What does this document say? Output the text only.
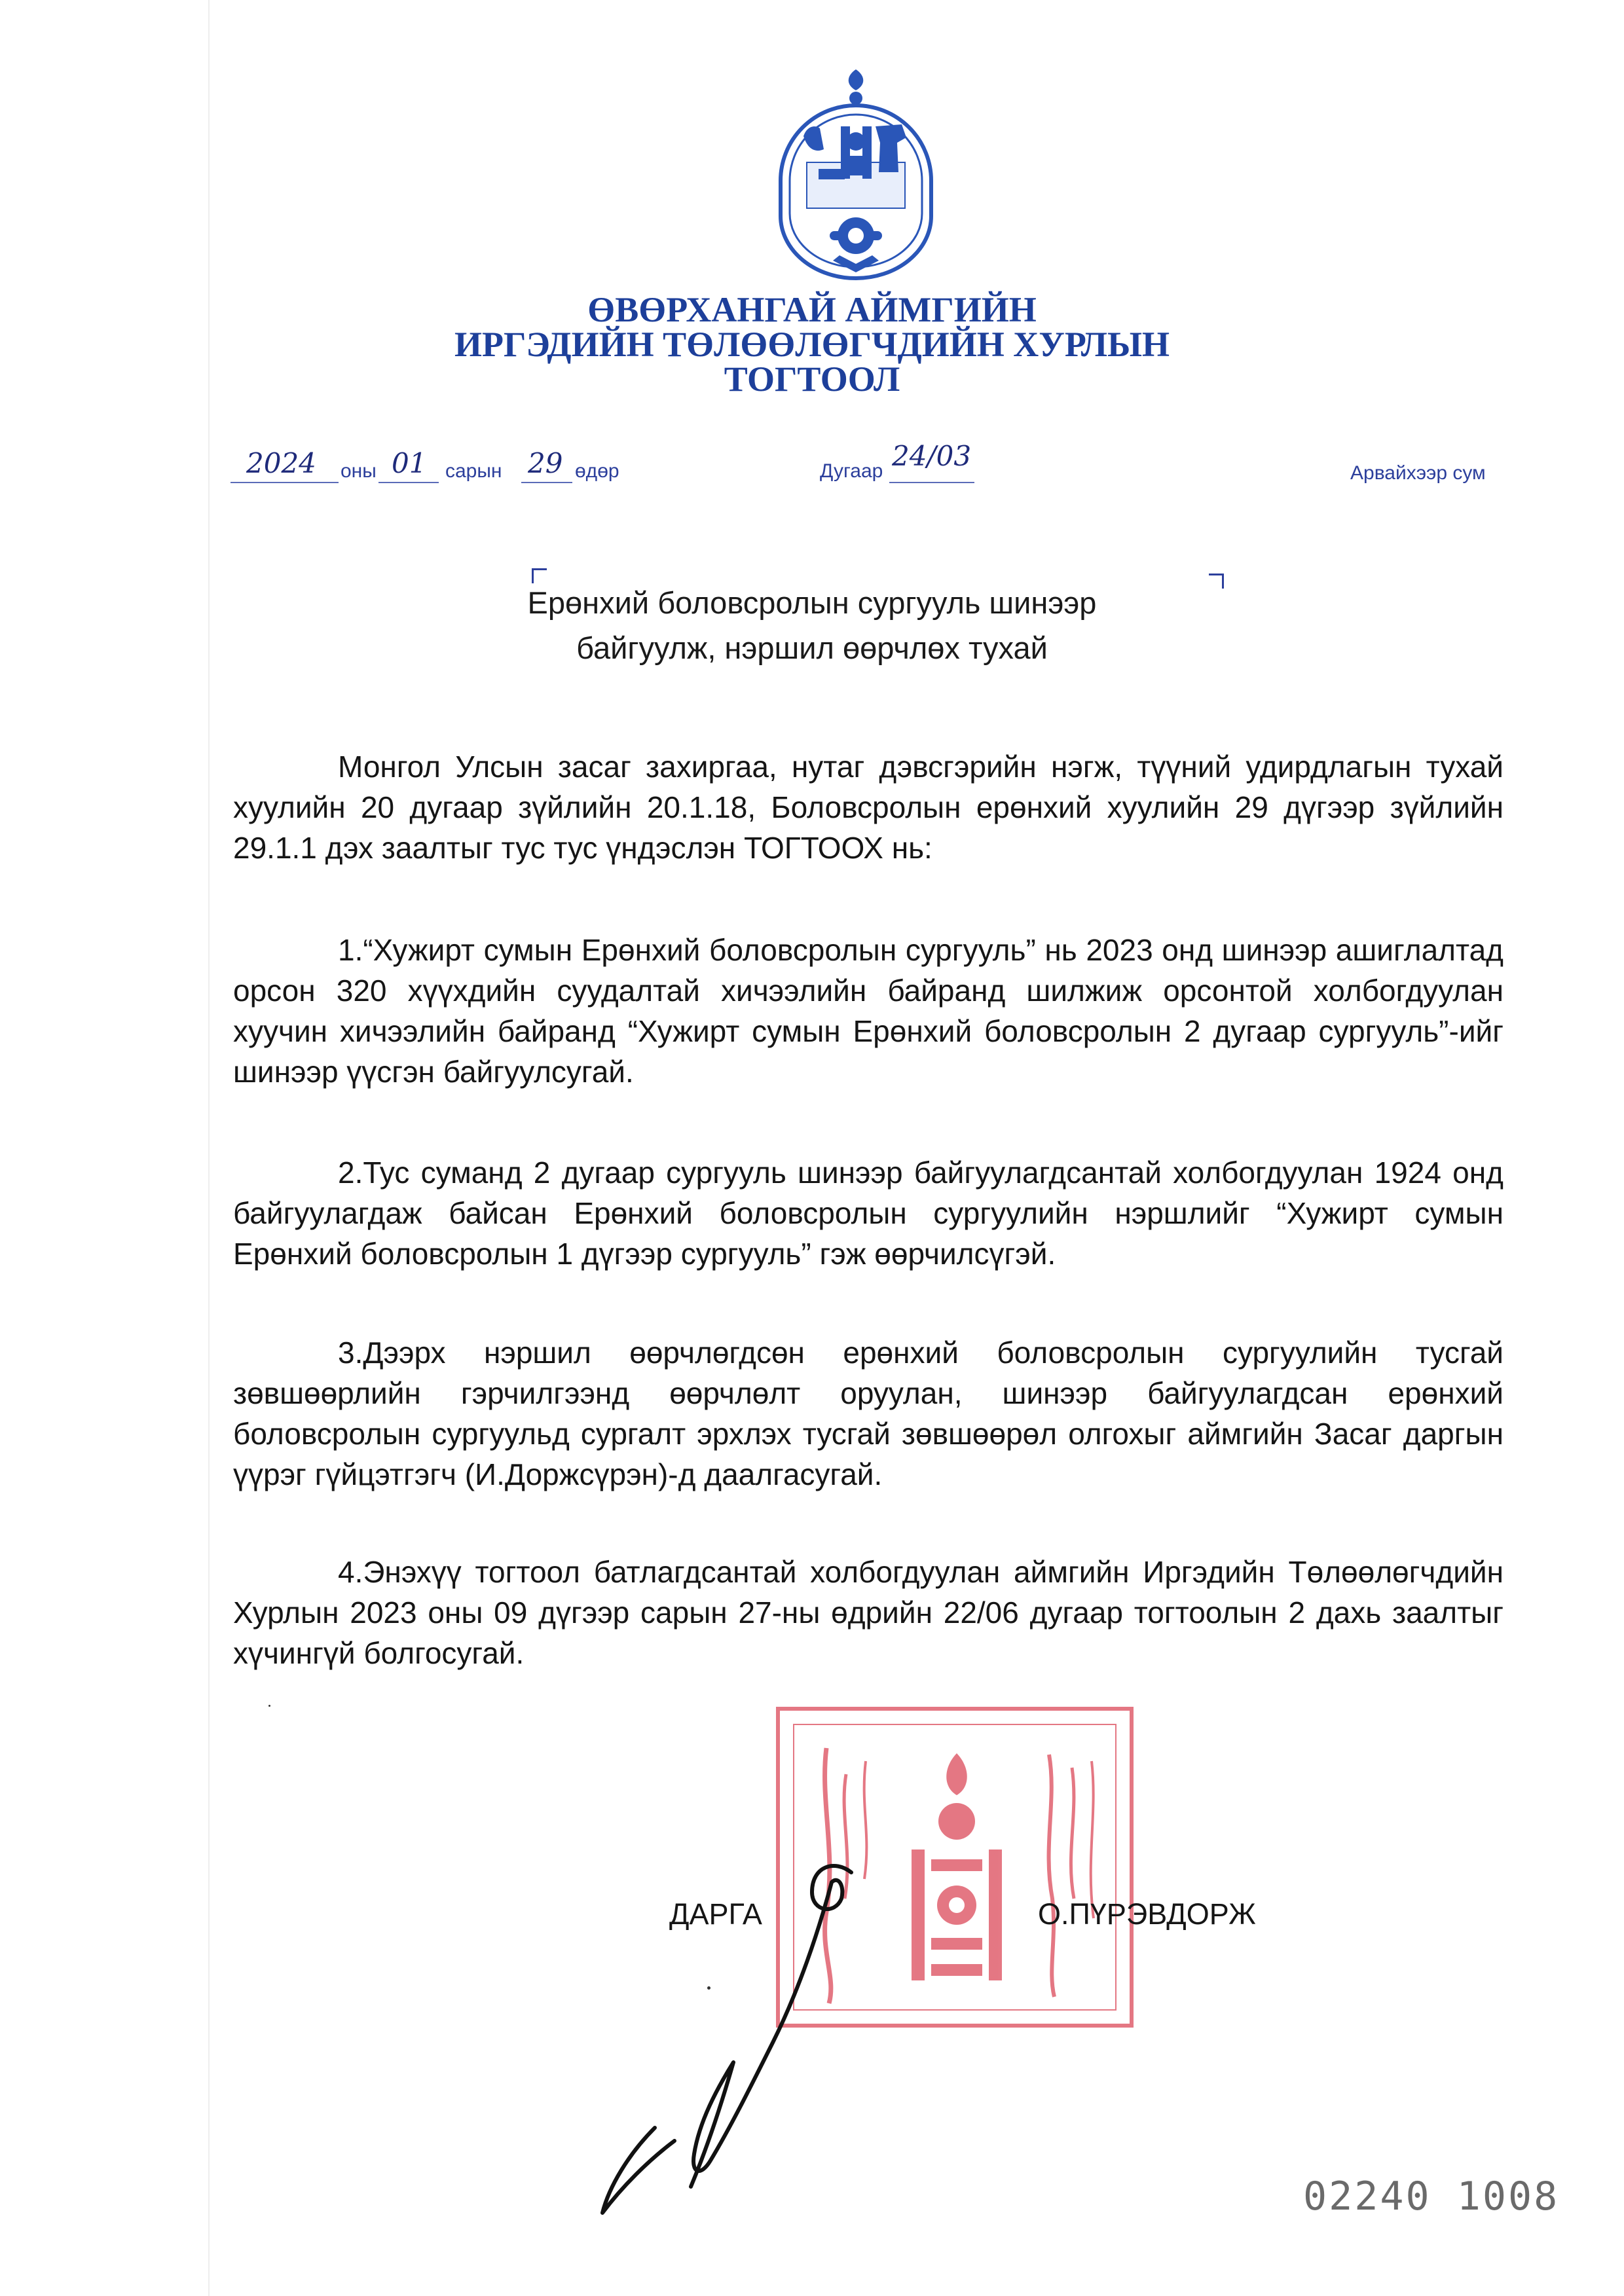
ӨВӨРХАНГАЙ АЙМГИЙН
ИРГЭДИЙН ТӨЛӨӨЛӨГЧДИЙН ХУРЛЫН
ТОГТООЛ
2024 оны 01 сарын 29 өдөр	Дугаар 24/03
Арвайхээр сум
Ерөнхий боловсролын сургууль шинээр
байгуулж, нэршил өөрчлөх тухай
Монгол Улсын засаг захиргаа, нутаг дэвсгэрийн нэгж, түүний удирдлагын тухай хуулийн 20 дугаар зүйлийн 20.1.18, Боловсролын ерөнхий хуулийн 29 дүгээр зүйлийн 29.1.1 дэх заалтыг тус тус үндэслэн ТОГТООХ нь:
1.“Хужирт сумын Ерөнхий боловсролын сургууль” нь 2023 онд шинээр ашиглалтад орсон 320 хүүхдийн суудалтай хичээлийн байранд шилжиж орсонтой холбогдуулан хуучин хичээлийн байранд “Хужирт сумын Ерөнхий боловсролын 2 дугаар сургууль”-ийг шинээр үүсгэн байгуулсугай.
2.Тус суманд 2 дугаар сургууль шинээр байгуулагдсантай холбогдуулан 1924 онд байгуулагдаж байсан Ерөнхий боловсролын сургуулийн нэршлийг “Хужирт сумын Ерөнхий боловсролын 1 дүгээр сургууль” гэж өөрчилсүгэй.
3.Дээрх нэршил өөрчлөгдсөн ерөнхий боловсролын сургуулийн тусгай зөвшөөрлийн гэрчилгээнд өөрчлөлт оруулан, шинээр байгуулагдсан ерөнхий боловсролын сургуульд сургалт эрхлэх тусгай зөвшөөрөл олгохыг аймгийн Засаг даргын үүрэг гүйцэтгэгч (И.Доржсүрэн)-д даалгасугай.
4.Энэхүү тогтоол батлагдсантай холбогдуулан аймгийн Иргэдийн Төлөөлөгчдийн Хурлын 2023 оны 09 дүгээр сарын 27-ны өдрийн 22/06 дугаар тогтоолын 2 дахь заалтыг хүчингүй болгосугай.
ДАРГА	О.ПҮРЭВДОРЖ
02240 1008
